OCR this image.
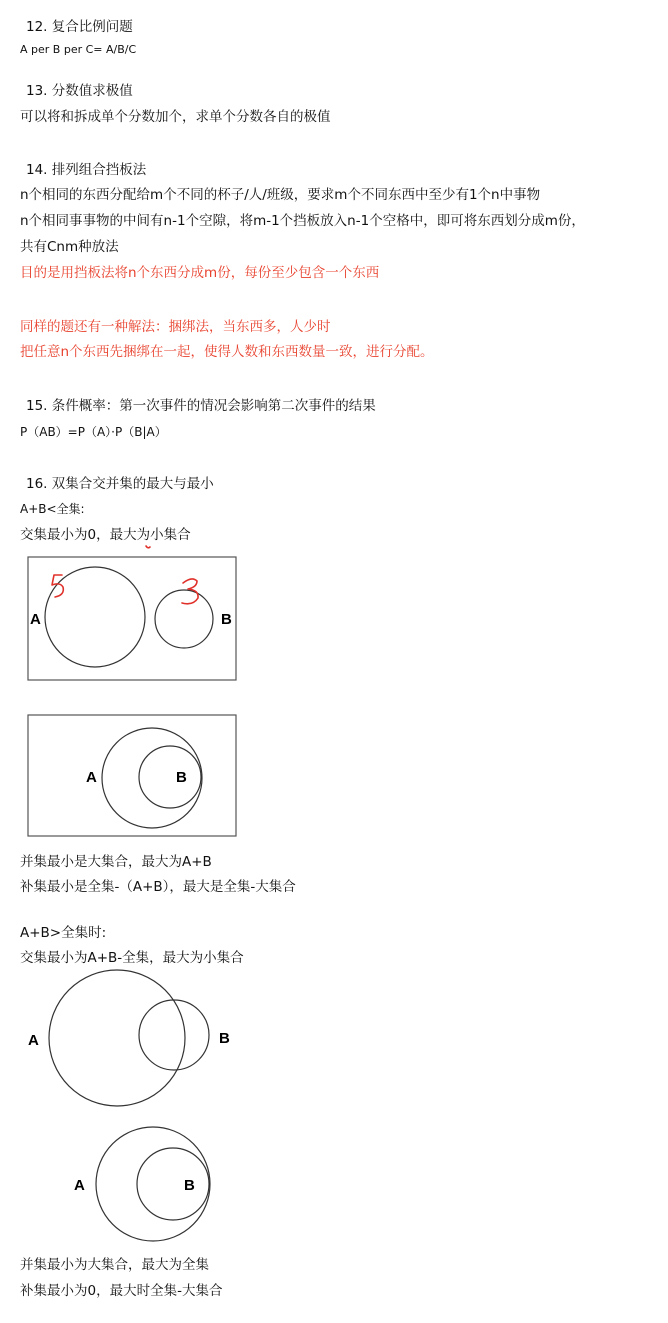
12. 复合比例问题
A per B per C= A/B/C
13. 分数值求极值
可以将和拆成单个分数加个，求单个分数各自的极值
14. 排列组合挡板法
n个相同的东西分配给m个不同的杯子/人/班级，要求m个不同东西中至少有1个n中事物
n个相同事事物的中间有n-1个空隙，将m-1个挡板放入n-1个空格中，即可将东西划分成m份，
共有Cnm种放法
目的是用挡板法将n个东西分成m份，每份至少包含一个东西
同样的题还有一种解法：捆绑法，当东西多，人少时
把任意n个东西先捆绑在一起，使得人数和东西数量一致，进行分配。
15. 条件概率：第一次事件的情况会影响第二次事件的结果
P（AB）=P（A）·P（B|A）
16. 双集合交并集的最大与最小
A+B<全集:
交集最小为0，最大为小集合
A	B
A	B
并集最小是大集合，最大为A+B
补集最小是全集-（A+B），最大是全集-大集合
A+B>全集时:
交集最小为A+B-全集，最大为小集合
A	B
A	B
并集最小为大集合，最大为全集
补集最小为0，最大时全集-大集合
